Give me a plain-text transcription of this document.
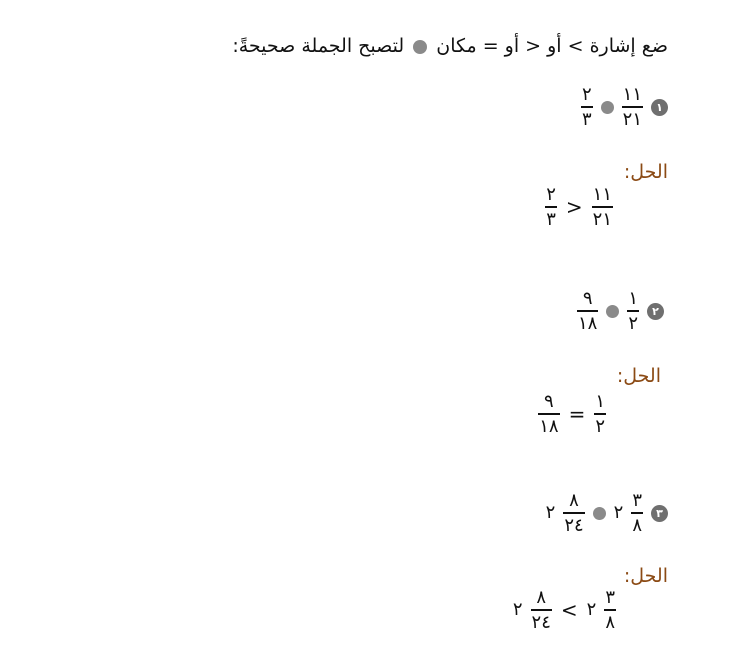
ضع إشارة > أو < أو = مكان  لتصبح الجملة صحيحةً:
١
$\frac{١١}{٢١}$
$\frac{٢}{٣}$
الحل:
$\frac{١١}{٢١}$
>
$\frac{٢}{٣}$
٢
$\frac{١}{٢}$
$\frac{٩}{١٨}$
الحل:
$\frac{١}{٢}$
=
$\frac{٩}{١٨}$
٣
$\frac{٣}{٨}$
٢
$\frac{٨}{٢٤}$
٢
الحل:
$\frac{٣}{٨}$
٢
<
$\frac{٨}{٢٤}$
٢
